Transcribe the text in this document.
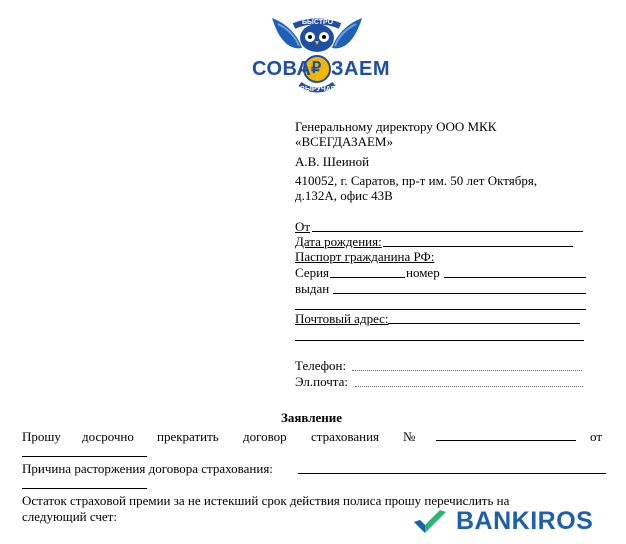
БЫСТРО
СОВА ЗАЕМ
₽
ВЫРУЧАЕТ
Генеральному директору ООО МКК
«ВСЕГДАЗАЕМ»
А.В. Шеиной
410052, г. Саратов, пр-т им. 50 лет Октября,
д.132А, офис 43В
От
Дата рождения:
Паспорт гражданина РФ:
Серия	номер
выдан
Почтовый адрес:
Телефон:
Эл.почта:
Заявление
Прошу досрочно прекратить договор страхования №	от
Причина расторжения договора страхования:
Остаток страховой премии за не истекший срок действия полиса прошу перечислить на
следующий счет:	BANKIROS
